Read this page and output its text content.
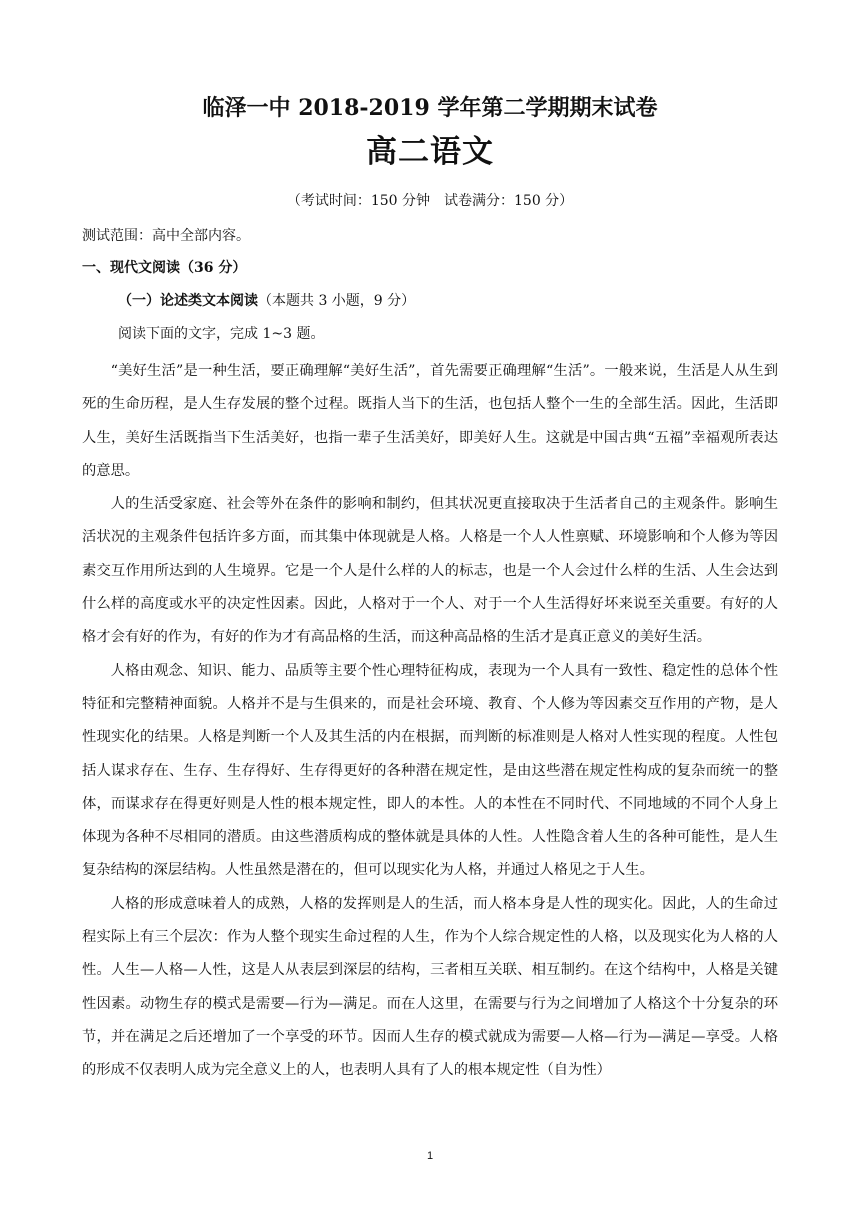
临泽一中 2018-2019 学年第二学期期末试卷
高二语文
（考试时间：150 分钟 试卷满分：150 分）
测试范围：高中全部内容。
一、现代文阅读（36 分）
（一）论述类文本阅读（本题共 3 小题，9 分）
阅读下面的文字，完成 1~3 题。

“美好生活”是一种生活，要正确理解“美好生活”，首先需要正确理解“生活”。一般来说，生活是人从生到死的生命历程，是人生存发展的整个过程。既指人当下的生活，也包括人整个一生的全部生活。因此，生活即人生，美好生活既指当下生活美好，也指一辈子生活美好，即美好人生。这就是中国古典“五福”幸福观所表达的意思。

人的生活受家庭、社会等外在条件的影响和制约，但其状况更直接取决于生活者自己的主观条件。影响生活状况的主观条件包括许多方面，而其集中体现就是人格。人格是一个人人性禀赋、环境影响和个人修为等因素交互作用所达到的人生境界。它是一个人是什么样的人的标志，也是一个人会过什么样的生活、人生会达到什么样的高度或水平的决定性因素。因此，人格对于一个人、对于一个人生活得好坏来说至关重要。有好的人格才会有好的作为，有好的作为才有高品格的生活，而这种高品格的生活才是真正意义的美好生活。

人格由观念、知识、能力、品质等主要个性心理特征构成，表现为一个人具有一致性、稳定性的总体个性特征和完整精神面貌。人格并不是与生俱来的，而是社会环境、教育、个人修为等因素交互作用的产物，是人性现实化的结果。人格是判断一个人及其生活的内在根据，而判断的标准则是人格对人性实现的程度。人性包括人谋求存在、生存、生存得好、生存得更好的各种潜在规定性，是由这些潜在规定性构成的复杂而统一的整体，而谋求存在得更好则是人性的根本规定性，即人的本性。人的本性在不同时代、不同地域的不同个人身上体现为各种不尽相同的潜质。由这些潜质构成的整体就是具体的人性。人性隐含着人生的各种可能性，是人生复杂结构的深层结构。人性虽然是潜在的，但可以现实化为人格，并通过人格见之于人生。

人格的形成意味着人的成熟，人格的发挥则是人的生活，而人格本身是人性的现实化。因此，人的生命过程实际上有三个层次：作为人整个现实生命过程的人生，作为个人综合规定性的人格，以及现实化为人格的人性。人生—人格—人性，这是人从表层到深层的结构，三者相互关联、相互制约。在这个结构中，人格是关键性因素。动物生存的模式是需要—行为—满足。而在人这里，在需要与行为之间增加了人格这个十分复杂的环节，并在满足之后还增加了一个享受的环节。因而人生存的模式就成为需要—人格—行为—满足—享受。人格的形成不仅表明人成为完全意义上的人，也表明人具有了人的根本规定性（自为性）

1
